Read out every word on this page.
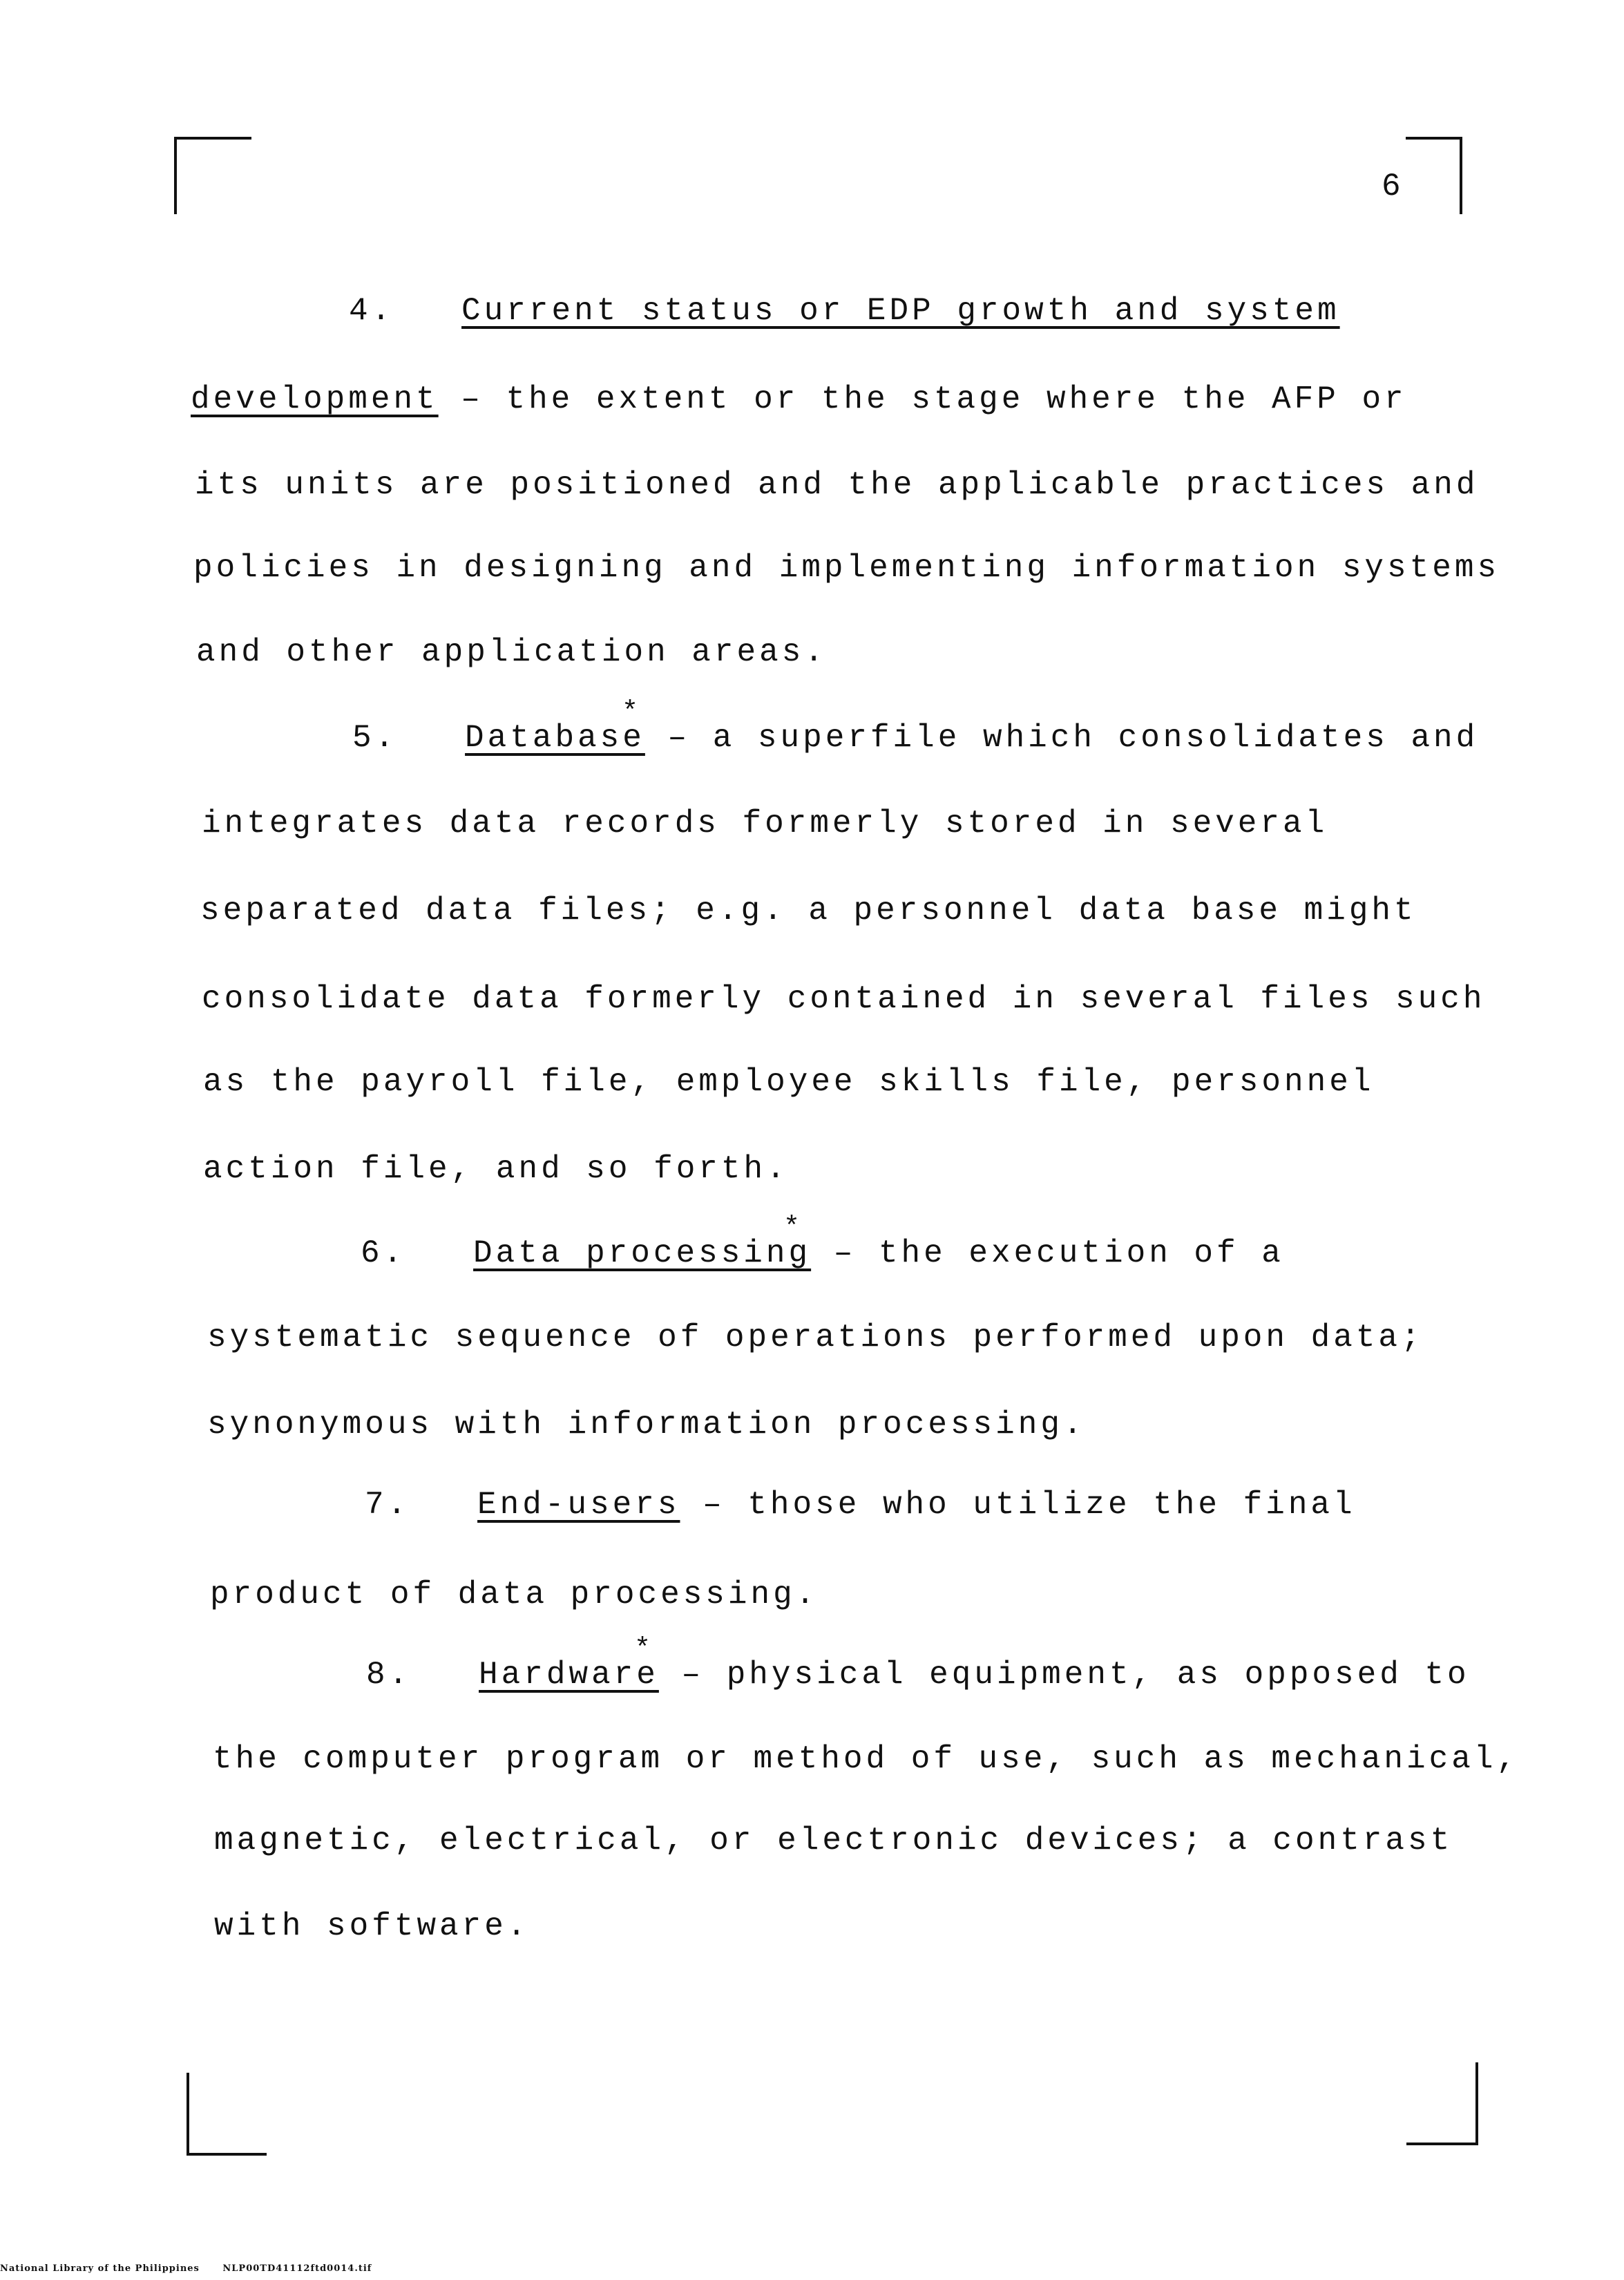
6
4. Current status or EDP growth and system
development – the extent or the stage where the AFP or
its units are positioned and the applicable practices and
policies in designing and implementing information systems
and other application areas.
*
5. Database – a superfile which consolidates and
integrates data records formerly stored in several
separated data files; e.g. a personnel data base might
consolidate data formerly contained in several files such
as the payroll file, employee skills file, personnel
action file, and so forth.
*
6. Data processing – the execution of a
systematic sequence of operations performed upon data;
synonymous with information processing.
7. End-users – those who utilize the final
product of data processing.
*
8. Hardware – physical equipment, as opposed to
the computer program or method of use, such as mechanical,
magnetic, electrical, or electronic devices; a contrast
with software.
National Library of the Philippines	NLP00TD41112ftd0014.tif
